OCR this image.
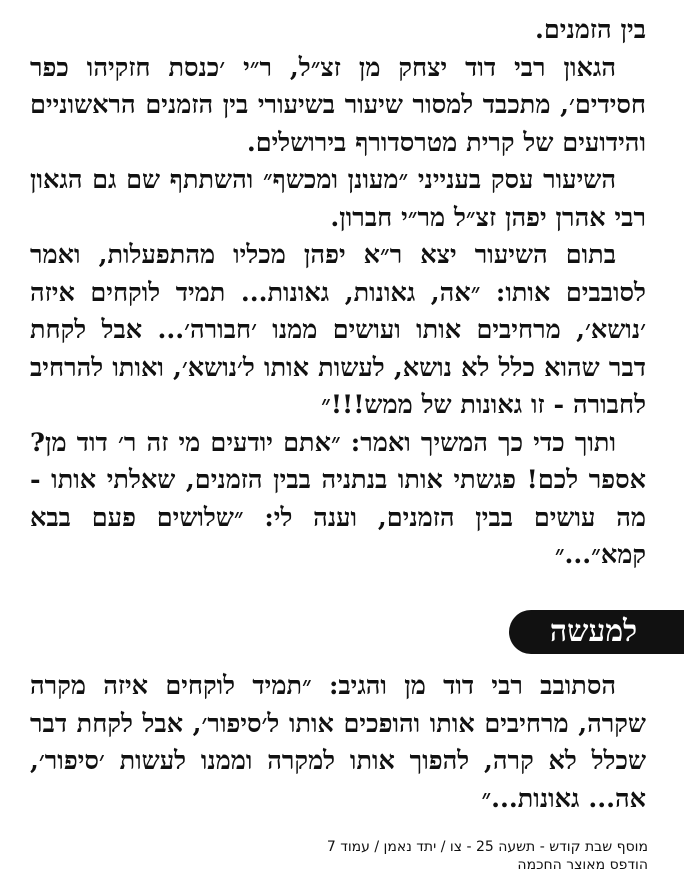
בין הזמנים.

הגאון רבי דוד יצחק מן זצ״ל, ר״י ׳כנסת חזקיהו כפר חסידים׳, מתכבד למסור שיעור בשיעורי בין הזמנים הראשוניים והידועים של קרית מטרסדורף בירושלים.

השיעור עסק בענייני ״מעונן ומכשף״ והשתתף שם גם הגאון רבי אהרן יפהן זצ״ל מר״י חברון.

בתום השיעור יצא ר״א יפהן מכליו מהתפעלות, ואמר לסובבים אותו: ״אה, גאונות, גאונות... תמיד לוקחים איזה ׳נושא׳, מרחיבים אותו ועושים ממנו ׳חבורה׳... אבל לקחת דבר שהוא כלל לא נושא, לעשות אותו ל׳נושא׳, ואותו להרחיב לחבורה - זו גאונות של ממש!!!״

ותוך כדי כך המשיך ואמר: ״אתם יודעים מי זה ר׳ דוד מן? אספר לכם! פגשתי אותו בנתניה בבין הזמנים, שאלתי אותו - מה עושים בבין הזמנים, וענה לי: ״שלושים פעם בבא קמא״...״

למעשה

הסתובב רבי דוד מן והגיב: ״תמיד לוקחים איזה מקרה שקרה, מרחיבים אותו והופכים אותו ל׳סיפור׳, אבל לקחת דבר שכלל לא קרה, להפוך אותו למקרה וממנו לעשות ׳סיפור׳, אה... גאונות...״

מוסף שבת קודש - תשעה 25 - צו / יתד נאמן / עמוד 7
הודפס מאוצר החכמה
